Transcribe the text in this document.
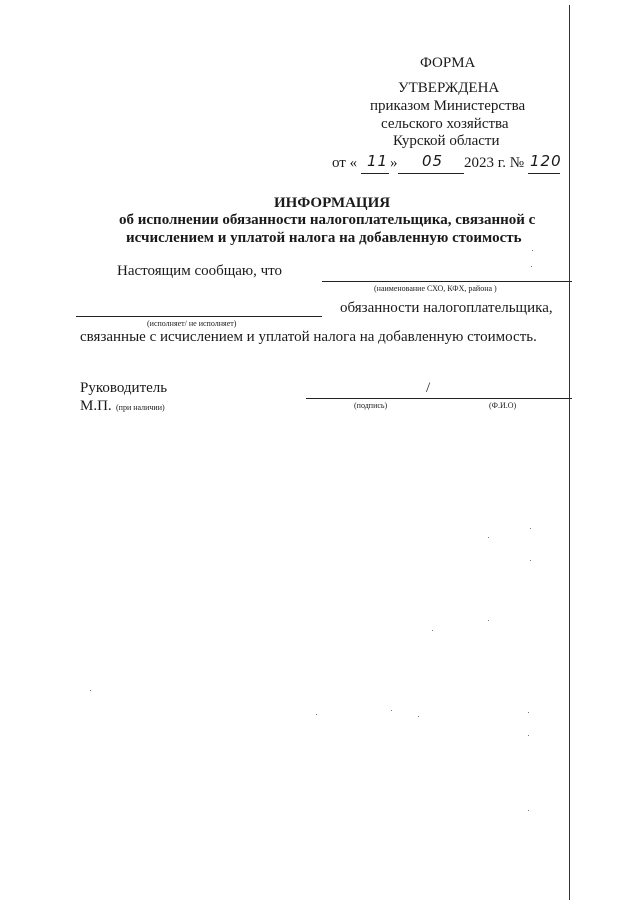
ФОРМА
УТВЕРЖДЕНА
приказом Министерства
сельского хозяйства
Курской области
от « 11 » 05 2023 г. № 120
ИНФОРМАЦИЯ
об исполнении обязанности налогоплательщика, связанной с
исчислением и уплатой налога на добавленную стоимость
Настоящим сообщаю, что
(наименование СХО, КФХ, района )
обязанности налогоплательщика,
(исполняет/ не исполняет)
связанные с исчислением и уплатой налога на добавленную стоимость.
Руководитель	/
М.П. (при наличии)	(подпись)	(Ф.И.О)
